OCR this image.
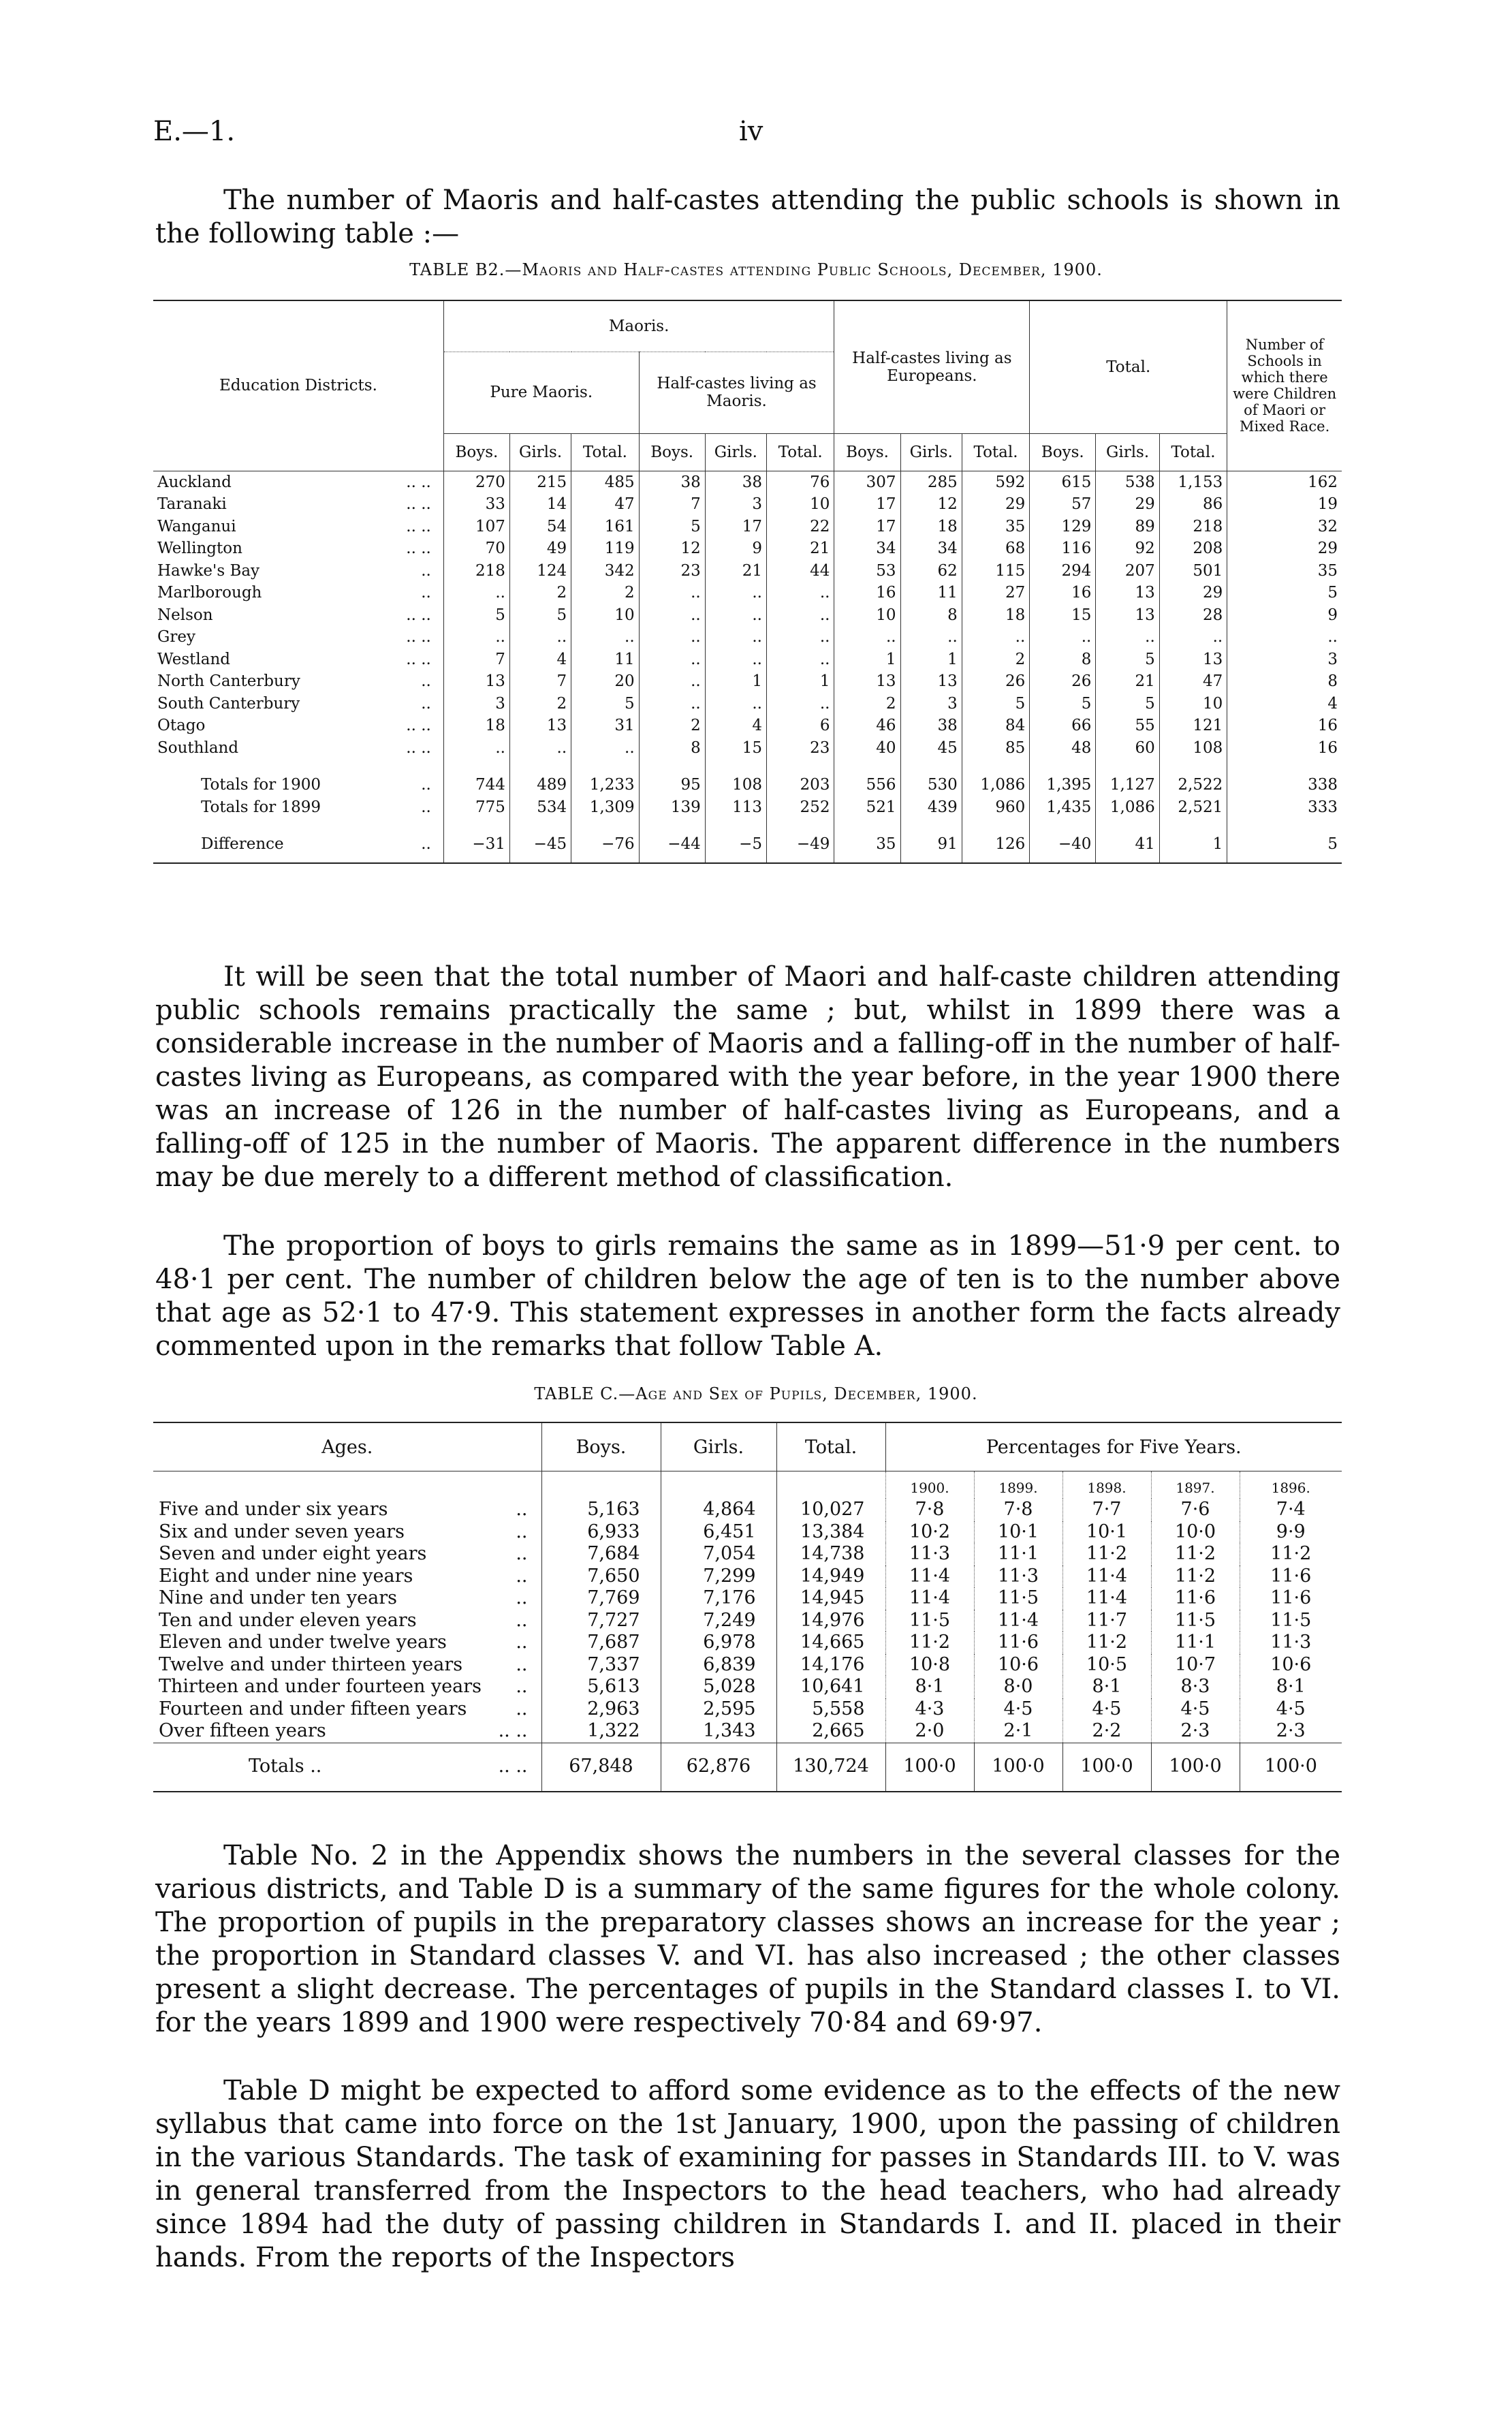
E.—1.	iv
The number of Maoris and half-castes attending the public schools is shown in the following table :—
TABLE B2.—Maoris and Half-castes attending Public Schools, December, 1900.
Education Districts.	Maoris.						Half-castes living as Europeans.			Total.			Number of Schools in which there were Children of Maori or Mixed Race.
	Pure Maoris.			Half-castes living as Maoris.									
	Boys.	Girls.	Total.	Boys.	Girls.	Total.	Boys.	Girls.	Total.	Boys.	Girls.	Total.	
Auckland .. ..	270	215	485	38	38	76	307	285	592	615	538	1,153	162
Taranaki .. ..	33	14	47	7	3	10	17	12	29	57	29	86	19
Wanganui .. ..	107	54	161	5	17	22	17	18	35	129	89	218	32
Wellington .. ..	70	49	119	12	9	21	34	34	68	116	92	208	29
Hawke's Bay ..	218	124	342	23	21	44	53	62	115	294	207	501	35
Marlborough ..	..	2	2	..	..	..	16	11	27	16	13	29	5
Nelson .. ..	5	5	10	..	..	..	10	8	18	15	13	28	9
Grey .. ..	..	..	..	..	..	..	..	..	..	..	..	..	..
Westland .. ..	7	4	11	..	..	..	1	1	2	8	5	13	3
North Canterbury ..	13	7	20	..	1	1	13	13	26	26	21	47	8
South Canterbury ..	3	2	5	..	..	..	2	3	5	5	5	10	4
Otago .. ..	18	13	31	2	4	6	46	38	84	66	55	121	16
Southland .. ..	..	..	..	8	15	23	40	45	85	48	60	108	16

Totals for 1900 ..	744	489	1,233	95	108	203	556	530	1,086	1,395	1,127	2,522	338
Totals for 1899 ..	775	534	1,309	139	113	252	521	439	960	1,435	1,086	2,521	333

Difference ..	−31	−45	−76	−44	−5	−49	35	91	126	−40	41	1	5
It will be seen that the total number of Maori and half-caste children attending public schools remains practically the same ; but, whilst in 1899 there was a considerable increase in the number of Maoris and a falling-off in the number of half-castes living as Europeans, as compared with the year before, in the year 1900 there was an increase of 126 in the number of half-castes living as Europeans, and a falling-off of 125 in the number of Maoris. The apparent difference in the numbers may be due merely to a different method of classification.
The proportion of boys to girls remains the same as in 1899—51·9 per cent. to 48·1 per cent. The number of children below the age of ten is to the number above that age as 52·1 to 47·9. This statement expresses in another form the facts already commented upon in the remarks that follow Table A.
TABLE C.—Age and Sex of Pupils, December, 1900.
Ages.	Boys.	Girls.	Total.	Percentages for Five Years.				
				1900.	1899.	1898.	1897.	1896.
Five and under six years ..	5,163	4,864	10,027	7·8	7·8	7·7	7·6	7·4
Six and under seven years ..	6,933	6,451	13,384	10·2	10·1	10·1	10·0	9·9
Seven and under eight years ..	7,684	7,054	14,738	11·3	11·1	11·2	11·2	11·2
Eight and under nine years ..	7,650	7,299	14,949	11·4	11·3	11·4	11·2	11·6
Nine and under ten years ..	7,769	7,176	14,945	11·4	11·5	11·4	11·6	11·6
Ten and under eleven years ..	7,727	7,249	14,976	11·5	11·4	11·7	11·5	11·5
Eleven and under twelve years ..	7,687	6,978	14,665	11·2	11·6	11·2	11·1	11·3
Twelve and under thirteen years ..	7,337	6,839	14,176	10·8	10·6	10·5	10·7	10·6
Thirteen and under fourteen years ..	5,613	5,028	10,641	8·1	8·0	8·1	8·3	8·1
Fourteen and under fifteen years ..	2,963	2,595	5,558	4·3	4·5	4·5	4·5	4·5
Over fifteen years .. ..	1,322	1,343	2,665	2·0	2·1	2·2	2·3	2·3
Totals .. .. ..	67,848	62,876	130,724	100·0	100·0	100·0	100·0	100·0
Table No. 2 in the Appendix shows the numbers in the several classes for the various districts, and Table D is a summary of the same figures for the whole colony. The proportion of pupils in the preparatory classes shows an increase for the year ; the proportion in Standard classes V. and VI. has also increased ; the other classes present a slight decrease. The percentages of pupils in the Standard classes I. to VI. for the years 1899 and 1900 were respectively 70·84 and 69·97.
Table D might be expected to afford some evidence as to the effects of the new syllabus that came into force on the 1st January, 1900, upon the passing of children in the various Standards. The task of examining for passes in Standards III. to V. was in general transferred from the Inspectors to the head teachers, who had already since 1894 had the duty of passing children in Standards I. and II. placed in their hands. From the reports of the Inspectors
